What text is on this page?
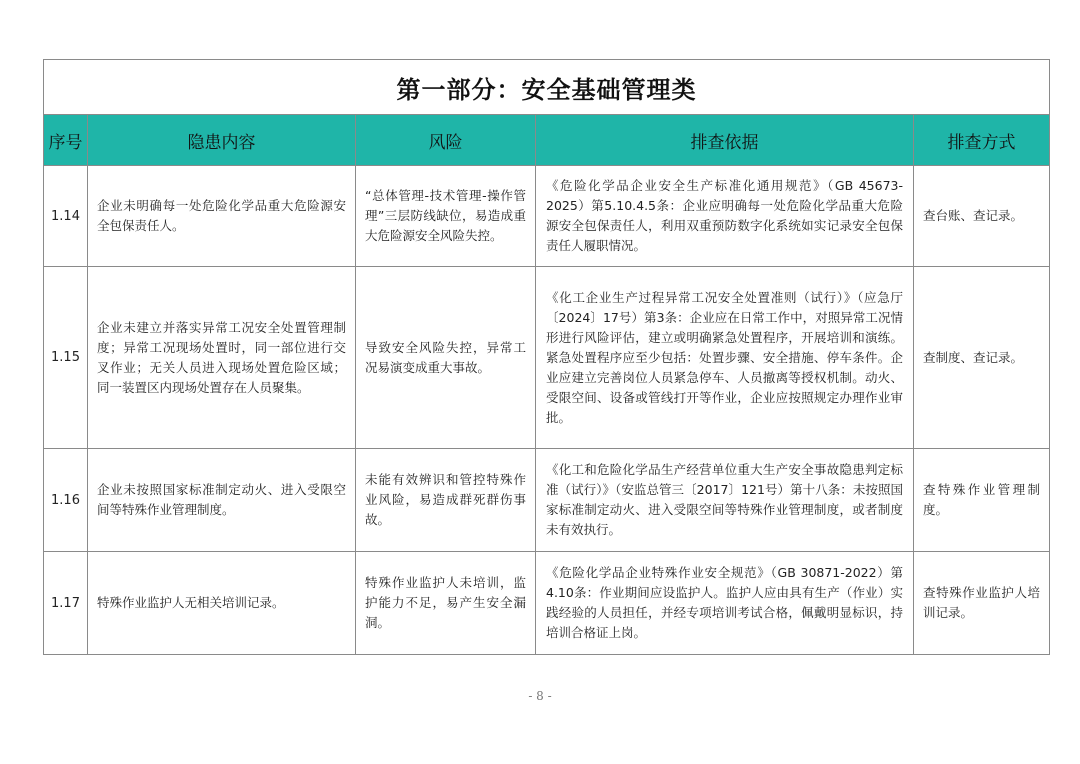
第一部分：安全基础管理类				
序号	隐患内容	风险	排查依据	排查方式
1.14	企业未明确每一处危险化学品重大危险源安全包保责任人。	“总体管理-技术管理-操作管理”三层防线缺位，易造成重大危险源安全风险失控。	《危险化学品企业安全生产标准化通用规范》（GB 45673-2025）第5.10.4.5条：企业应明确每一处危险化学品重大危险源安全包保责任人，利用双重预防数字化系统如实记录安全包保责任人履职情况。	查台账、查记录。
1.15	企业未建立并落实异常工况安全处置管理制度；异常工况现场处置时，同一部位进行交叉作业；无关人员进入现场处置危险区域；同一装置区内现场处置存在人员聚集。	导致安全风险失控，异常工况易演变成重大事故。	《化工企业生产过程异常工况安全处置准则（试行）》（应急厅〔2024〕17号）第3条：企业应在日常工作中，对照异常工况情形进行风险评估，建立或明确紧急处置程序，开展培训和演练。紧急处置程序应至少包括：处置步骤、安全措施、停车条件。企业应建立完善岗位人员紧急停车、人员撤离等授权机制。动火、受限空间、设备或管线打开等作业，企业应按照规定办理作业审批。	查制度、查记录。
1.16	企业未按照国家标准制定动火、进入受限空间等特殊作业管理制度。	未能有效辨识和管控特殊作业风险，易造成群死群伤事故。	《化工和危险化学品生产经营单位重大生产安全事故隐患判定标准（试行）》（安监总管三〔2017〕121号）第十八条：未按照国家标准制定动火、进入受限空间等特殊作业管理制度，或者制度未有效执行。	查特殊作业管理制度。
1.17	特殊作业监护人无相关培训记录。	特殊作业监护人未培训，监护能力不足，易产生安全漏洞。	《危险化学品企业特殊作业安全规范》（GB 30871-2022）第4.10条：作业期间应设监护人。监护人应由具有生产（作业）实践经验的人员担任，并经专项培训考试合格，佩戴明显标识，持培训合格证上岗。	查特殊作业监护人培训记录。
- 8 -
